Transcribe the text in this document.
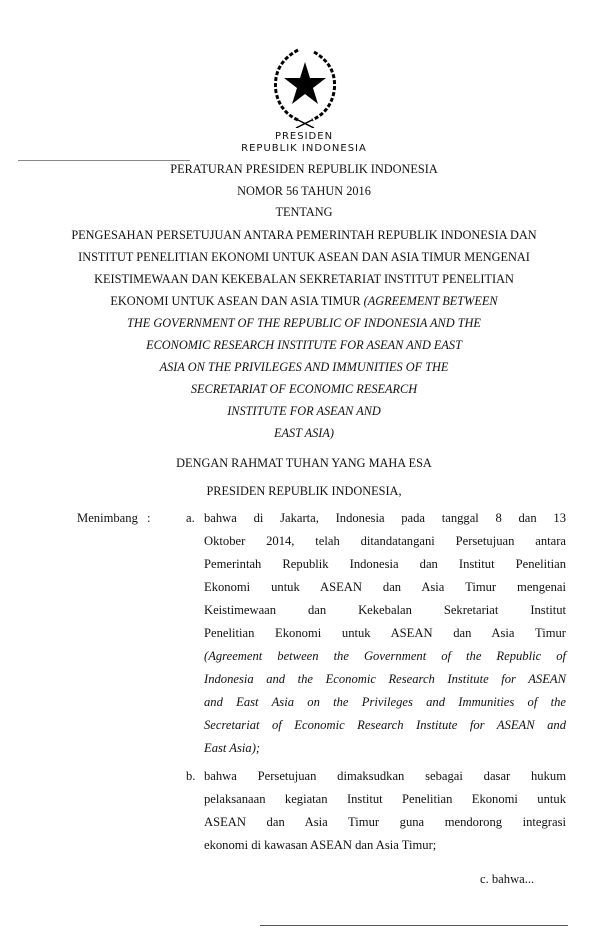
PRESIDEN
REPUBLIK INDONESIA
PERATURAN PRESIDEN REPUBLIK INDONESIA
NOMOR 56 TAHUN 2016
TENTANG
PENGESAHAN PERSETUJUAN ANTARA PEMERINTAH REPUBLIK INDONESIA DAN
INSTITUT PENELITIAN EKONOMI UNTUK ASEAN DAN ASIA TIMUR MENGENAI
KEISTIMEWAAN DAN KEKEBALAN SEKRETARIAT INSTITUT PENELITIAN
EKONOMI UNTUK ASEAN DAN ASIA TIMUR (AGREEMENT BETWEEN
THE GOVERNMENT OF THE REPUBLIC OF INDONESIA AND THE
ECONOMIC RESEARCH INSTITUTE FOR ASEAN AND EAST
ASIA ON THE PRIVILEGES AND IMMUNITIES OF THE
SECRETARIAT OF ECONOMIC RESEARCH
INSTITUTE FOR ASEAN AND
EAST ASIA)
DENGAN RAHMAT TUHAN YANG MAHA ESA
PRESIDEN REPUBLIK INDONESIA,
Menimbang :	a. bahwa di Jakarta, Indonesia pada tanggal 8 dan 13
Oktober 2014, telah ditandatangani Persetujuan antara
Pemerintah Republik Indonesia dan Institut Penelitian
Ekonomi untuk ASEAN dan Asia Timur mengenai
Keistimewaan dan Kekebalan Sekretariat Institut
Penelitian Ekonomi untuk ASEAN dan Asia Timur
(Agreement between the Government of the Republic of
Indonesia and the Economic Research Institute for ASEAN
and East Asia on the Privileges and Immunities of the
Secretariat of Economic Research Institute for ASEAN and
East Asia);
b. bahwa Persetujuan dimaksudkan sebagai dasar hukum
pelaksanaan kegiatan Institut Penelitian Ekonomi untuk
ASEAN dan Asia Timur guna mendorong integrasi
ekonomi di kawasan ASEAN dan Asia Timur;
c. bahwa...
